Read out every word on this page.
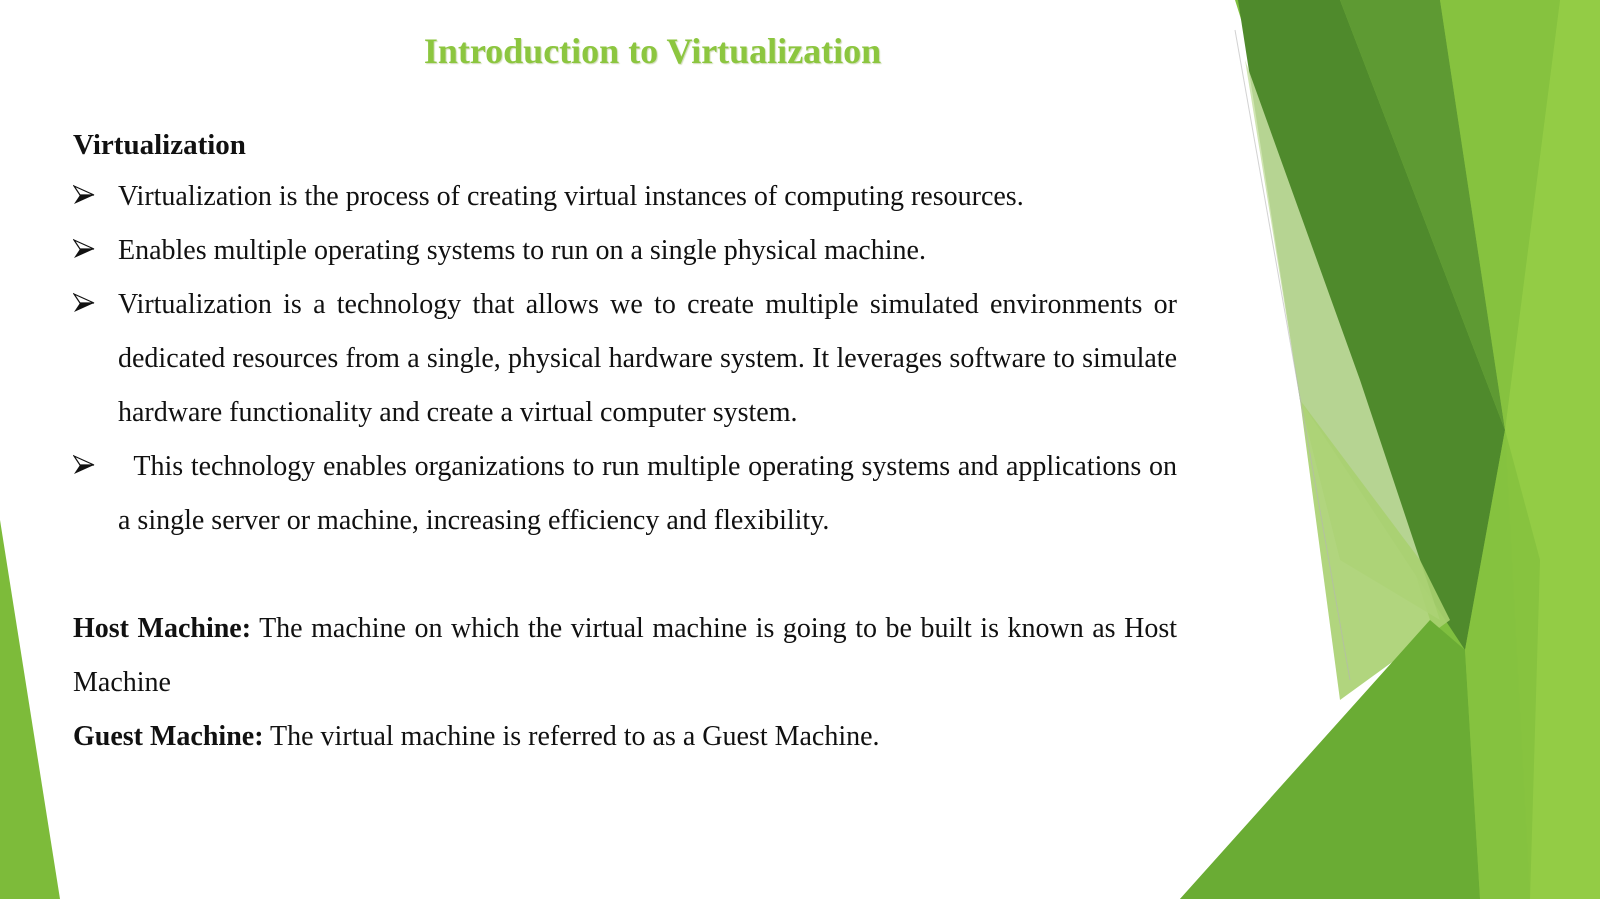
Introduction to Virtualization

Virtualization

Virtualization is the process of creating virtual instances of computing resources.
Enables multiple operating systems to run on a single physical machine.
Virtualization is a technology that allows we to create multiple simulated environments or dedicated resources from a single, physical hardware system. It leverages software to simulate hardware functionality and create a virtual computer system.
This technology enables organizations to run multiple operating systems and applications on a single server or machine, increasing efficiency and flexibility.

Host Machine: The machine on which the virtual machine is going to be built is known as Host Machine

Guest Machine: The virtual machine is referred to as a Guest Machine.
